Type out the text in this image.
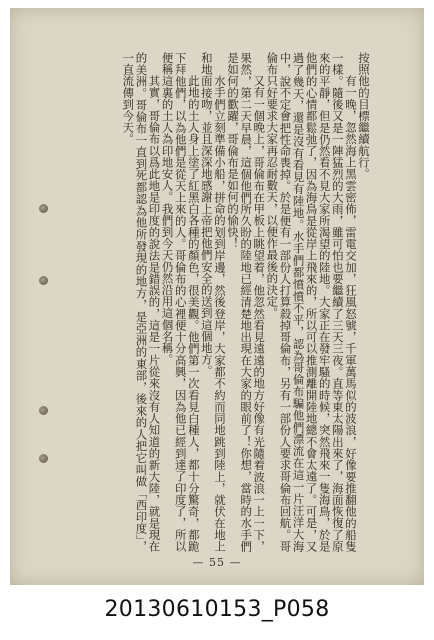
按照他的目標繼續航行。

有一晚，忽然海上黑雲密佈，雷電交加，狂風怒號，千軍萬馬似的波浪，好像要推翻他的船隻一樣。隨後又是一陣猛烈的大雨，雖可怕也要繼續了三天三夜。直等東太陽出來了，海面恢復了原來的平靜，但是仍然看不見大家所渴望的陸地。大家正在發牢騷的時候，突然飛來一隻海鳥，於是他們的心情都鬆弛了，因為海鳥是從岸上飛來的，所以可以推測離開陸地總不會太遠了。可是，又過了幾天，還是沒有看見有陸地。水手們都憤憤不平，認為哥倫布騙他們漂流在這一片汪洋大海中，說不定會把性命喪掉。於是便有一部份人打算殺掉哥倫布，另有一部份人要求哥倫布回航。哥倫布只好要求大家再忍耐數天，以便作最後的決定。

又有一個晚上，哥倫布在甲板上眺望着，他忽然看見遠遠的地方好像有光隨着波浪一上一下，果然，第二天早晨，這個他們所久盼的陸地已經清楚地出現在大家的眼前了！你想，當時的水手們是如何的歡躍，哥倫布是如何的愉快！

水手們立刻準備小船，拼命的划到岸邊，然後登岸，大家都不約而同地跳到陸上，就伏在地上和地面接吻，並且深深地感謝上帝把他們安全的送到這個地方。

此地的土人身上塗了紅黑白各種的顏色，很美觀。他們第一次看見白種人，都十分驚奇，都跪下拜他們，以為他們是從天上來的人。哥倫布的心裡便十分高興，因為他已經到達了印度了，所以便稱這裏的土人為印地安人。我們到今天仍然沿用這個名稱。

其實，哥倫布以爲此地是印度的說法是錯誤的，這是一片從來沒有人知道的新大陸，就是現在的美洲。哥倫布一直到死都認為他所發現的地方，是亞洲的東部，後來的人把它叫做「西印度」，一直流傳到今天。

— 55 —
20130610153_P058
